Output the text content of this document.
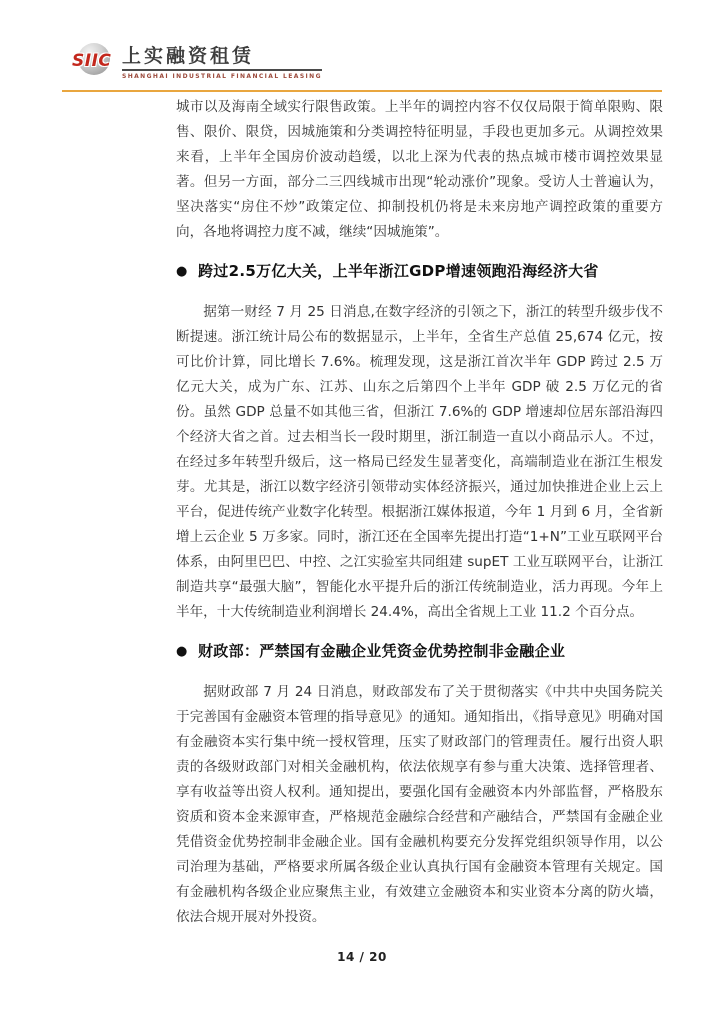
SIIC 上实融资租赁
SHANGHAI INDUSTRIAL FINANCIAL LEASING

城市以及海南全域实行限售政策。上半年的调控内容不仅仅局限于简单限购、限售、限价、限贷，因城施策和分类调控特征明显，手段也更加多元。从调控效果来看，上半年全国房价波动趋缓，以北上深为代表的热点城市楼市调控效果显著。但另一方面，部分二三四线城市出现“轮动涨价”现象。受访人士普遍认为，坚决落实“房住不炒”政策定位、抑制投机仍将是未来房地产调控政策的重要方向，各地将调控力度不减，继续“因城施策”。

● 跨过2.5万亿大关，上半年浙江GDP增速领跑沿海经济大省

据第一财经 7 月 25 日消息,在数字经济的引领之下，浙江的转型升级步伐不断提速。浙江统计局公布的数据显示，上半年，全省生产总值 25,674 亿元，按可比价计算，同比增长 7.6%。梳理发现，这是浙江首次半年 GDP 跨过 2.5 万亿元大关，成为广东、江苏、山东之后第四个上半年 GDP 破 2.5 万亿元的省份。虽然 GDP 总量不如其他三省，但浙江 7.6%的 GDP 增速却位居东部沿海四个经济大省之首。过去相当长一段时期里，浙江制造一直以小商品示人。不过，在经过多年转型升级后，这一格局已经发生显著变化，高端制造业在浙江生根发芽。尤其是，浙江以数字经济引领带动实体经济振兴，通过加快推进企业上云上平台，促进传统产业数字化转型。根据浙江媒体报道，今年 1 月到 6 月，全省新增上云企业 5 万多家。同时，浙江还在全国率先提出打造“1+N”工业互联网平台体系，由阿里巴巴、中控、之江实验室共同组建 supET 工业互联网平台，让浙江制造共享“最强大脑”，智能化水平提升后的浙江传统制造业，活力再现。今年上半年，十大传统制造业利润增长 24.4%，高出全省规上工业 11.2 个百分点。

● 财政部：严禁国有金融企业凭资金优势控制非金融企业

据财政部 7 月 24 日消息，财政部发布了关于贯彻落实《中共中央国务院关于完善国有金融资本管理的指导意见》的通知。通知指出，《指导意见》明确对国有金融资本实行集中统一授权管理，压实了财政部门的管理责任。履行出资人职责的各级财政部门对相关金融机构，依法依规享有参与重大决策、选择管理者、享有收益等出资人权利。通知提出，要强化国有金融资本内外部监督，严格股东资质和资本金来源审查，严格规范金融综合经营和产融结合，严禁国有金融企业凭借资金优势控制非金融企业。国有金融机构要充分发挥党组织领导作用，以公司治理为基础，严格要求所属各级企业认真执行国有金融资本管理有关规定。国有金融机构各级企业应聚焦主业，有效建立金融资本和实业资本分离的防火墙，依法合规开展对外投资。

14 / 20
